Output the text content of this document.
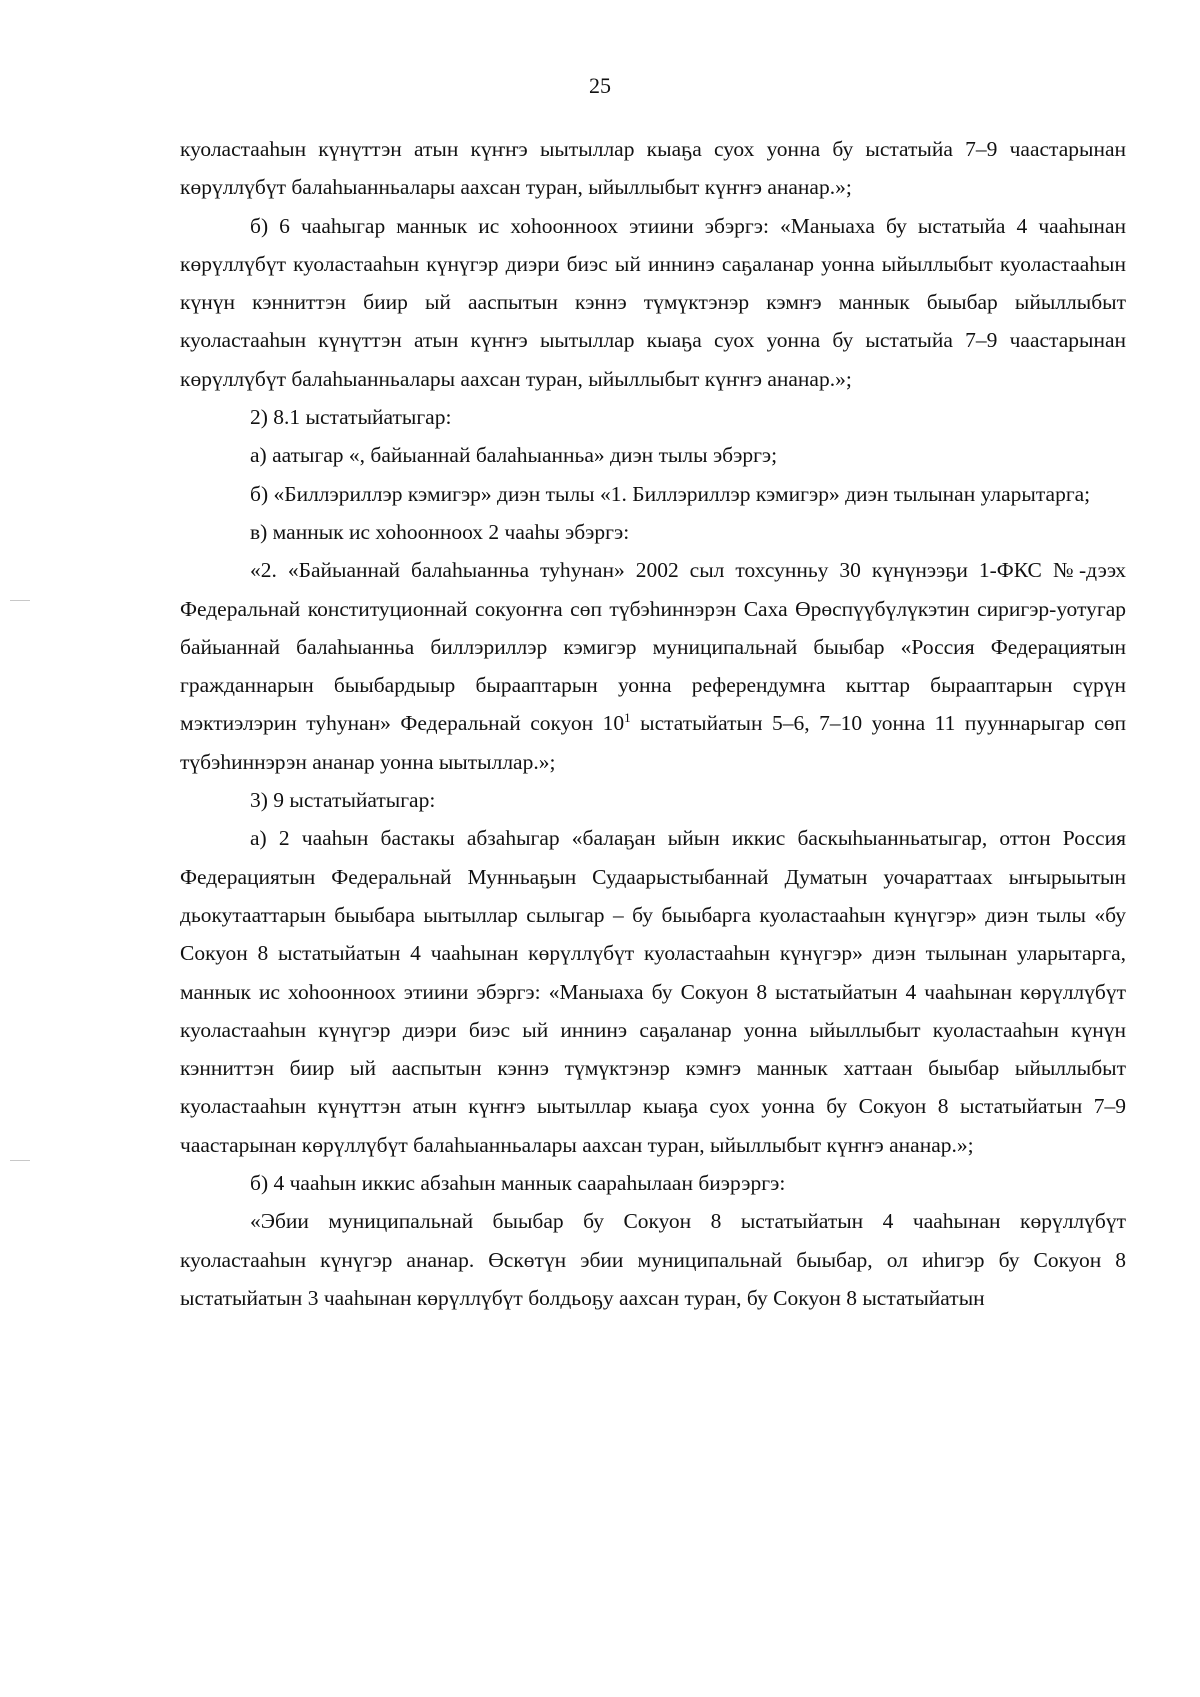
25

куоластааhын күнүттэн атын күҥҥэ ыытыллар кыаҕа суох уонна бу ыстатыйа 7–9 чаастарынан көрүллүбүт балаhыанньалары аахсан туран, ыйыллыбыт күҥҥэ ананар.»;

б) 6 чааhыгар маннык ис хоhоонноох этиини эбэргэ: «Маныаха бу ыстатыйа 4 чааhынан көрүллүбүт куоластааhын күнүгэр диэри биэс ый иннинэ саҕаланар уонна ыйыллыбыт куоластааhын күнүн кэнниттэн биир ый ааспытын кэннэ түмүктэнэр кэмҥэ маннык быыбар ыйыллыбыт куоластааhын күнүттэн атын күҥҥэ ыытыллар кыаҕа суох уонна бу ыстатыйа 7–9 чаастарынан көрүллүбүт балаhыанньалары аахсан туран, ыйыллыбыт күҥҥэ ананар.»;

2) 8.1 ыстатыйатыгар:

а) аатыгар «, байыаннай балаhыанньа» диэн тылы эбэргэ;

б) «Биллэриллэр кэмигэр» диэн тылы «1. Биллэриллэр кэмигэр» диэн тылынан уларытарга;

в) маннык ис хоhоонноох 2 чааhы эбэргэ:

«2. «Байыаннай балаhыанньа туhунан» 2002 сыл тохсунньу 30 күнүнээҕи 1-ФКС №-дээх Федеральнай конституционнай сокуоҥҥа сөп түбэhиннэрэн Саха Өрөспүүбүлүкэтин сиригэр-уотугар байыаннай балаhыанньа биллэриллэр кэмигэр муниципальнай быыбар «Россия Федерациятын гражданнарын быыбардыыр бырааптарын уонна референдумҥа кыттар бырааптарын сүрүн мэктиэлэрин туhунан» Федеральнай сокуон $10^1$ ыстатыйатын 5–6, 7–10 уонна 11 пууннарыгар сөп түбэhиннэрэн ананар уонна ыытыллар.»;

3) 9 ыстатыйатыгар:

а) 2 чааhын бастакы абзаhыгар «балаҕан ыйын иккис баскыhыанньатыгар, оттон Россия Федерациятын Федеральнай Мунньаҕын Судаарыстыбаннай Думатын уочараттаах ыҥырыытын дьокутааттарын быыбара ыытыллар сылыгар – бу быыбарга куоластааhын күнүгэр» диэн тылы «бу Сокуон 8 ыстатыйатын 4 чааhынан көрүллүбүт куоластааhын күнүгэр» диэн тылынан уларытарга, маннык ис хоhоонноох этиини эбэргэ: «Маныаха бу Сокуон 8 ыстатыйатын 4 чааhынан көрүллүбүт куоластааhын күнүгэр диэри биэс ый иннинэ саҕаланар уонна ыйыллыбыт куоластааhын күнүн кэнниттэн биир ый ааспытын кэннэ түмүктэнэр кэмҥэ маннык хаттаан быыбар ыйыллыбыт куоластааhын күнүттэн атын күҥҥэ ыытыллар кыаҕа суох уонна бу Сокуон 8 ыстатыйатын 7–9 чаастарынан көрүллүбүт балаhыанньалары аахсан туран, ыйыллыбыт күҥҥэ ананар.»;

б) 4 чааhын иккис абзаhын маннык саараhылаан биэрэргэ:

«Эбии муниципальнай быыбар бу Сокуон 8 ыстатыйатын 4 чааhынан көрүллүбүт куоластааhын күнүгэр ананар. Өскөтүн эбии муниципальнай быыбар, ол иhигэр бу Сокуон 8 ыстатыйатын 3 чааhынан көрүллүбүт болдьоҕу аахсан туран, бу Сокуон 8 ыстатыйатын
